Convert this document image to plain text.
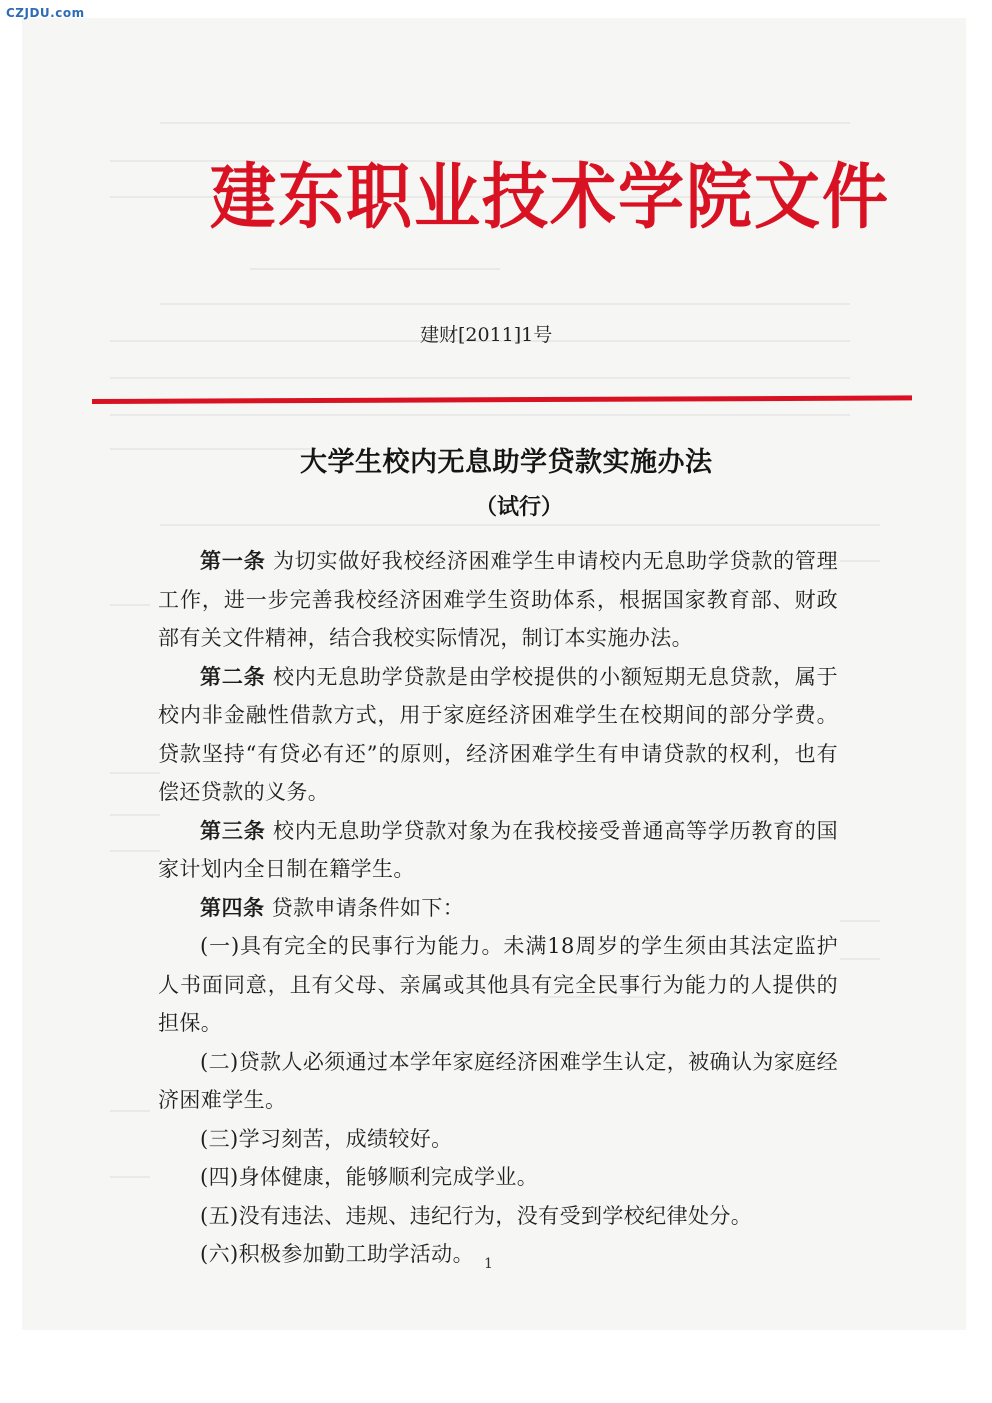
CZJDU.com
建东职业技术学院文件
建财[2011]1号
大学生校内无息助学贷款实施办法
（试行）

第一条 为切实做好我校经济困难学生申请校内无息助学贷款的管理工作，进一步完善我校经济困难学生资助体系，根据国家教育部、财政部有关文件精神，结合我校实际情况，制订本实施办法。

第二条 校内无息助学贷款是由学校提供的小额短期无息贷款，属于校内非金融性借款方式，用于家庭经济困难学生在校期间的部分学费。贷款坚持“有贷必有还”的原则，经济困难学生有申请贷款的权利，也有偿还贷款的义务。

第三条 校内无息助学贷款对象为在我校接受普通高等学历教育的国家计划内全日制在籍学生。

第四条 贷款申请条件如下：

(一)具有完全的民事行为能力。未满18周岁的学生须由其法定监护人书面同意，且有父母、亲属或其他具有完全民事行为能力的人提供的担保。

(二)贷款人必须通过本学年家庭经济困难学生认定，被确认为家庭经济困难学生。

(三)学习刻苦，成绩较好。

(四)身体健康，能够顺利完成学业。

(五)没有违法、违规、违纪行为，没有受到学校纪律处分。

(六)积极参加勤工助学活动。 1
